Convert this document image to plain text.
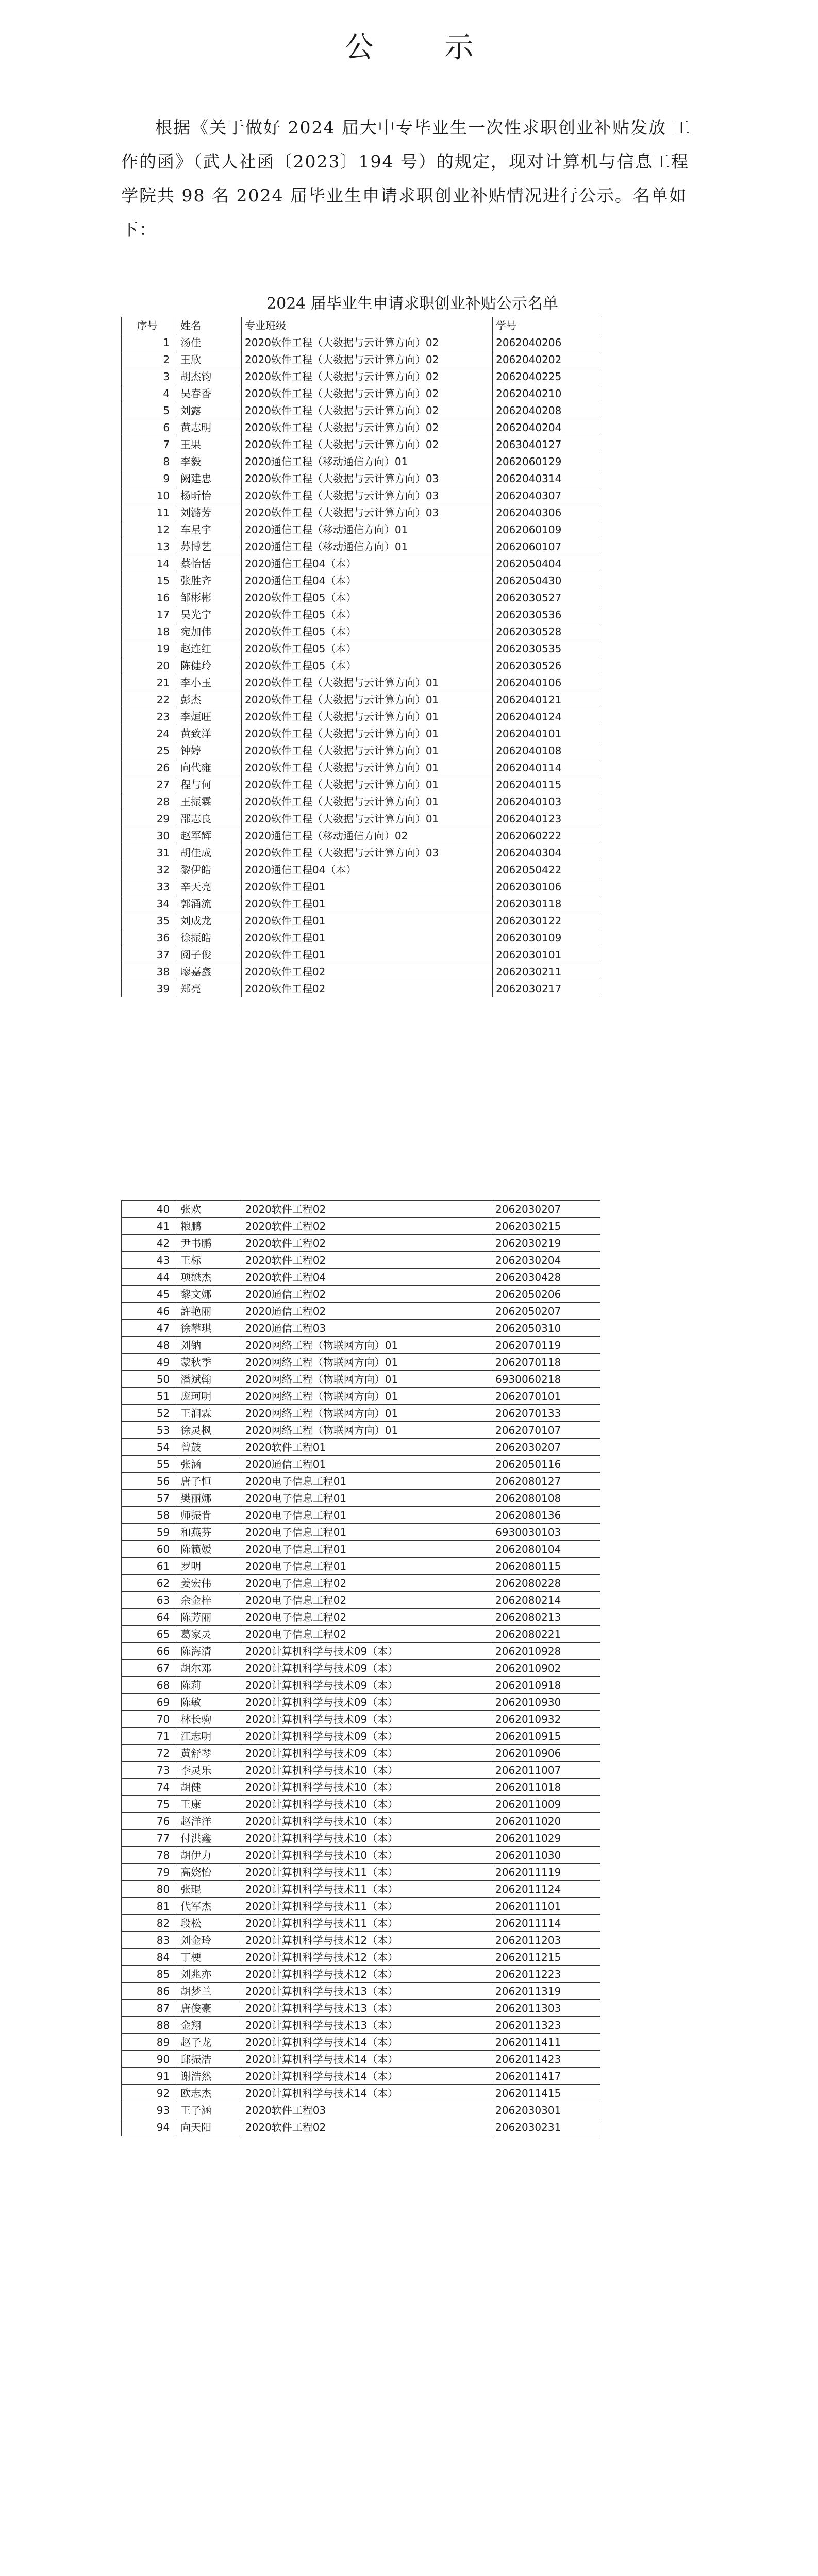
公 示
根据《关于做好 2024 届大中专毕业生一次性求职创业补贴发放 工作的函》（武人社函〔2023〕194 号）的规定，现对计算机与信息工程学院共 98 名 2024 届毕业生申请求职创业补贴情况进行公示。名单如下：
2024 届毕业生申请求职创业补贴公示名单
序号	姓名	专业班级	学号
1	汤佳	2020软件工程（大数据与云计算方向）02	2062040206
2	王欣	2020软件工程（大数据与云计算方向）02	2062040202
3	胡杰钧	2020软件工程（大数据与云计算方向）02	2062040225
4	吴春香	2020软件工程（大数据与云计算方向）02	2062040210
5	刘露	2020软件工程（大数据与云计算方向）02	2062040208
6	黄志明	2020软件工程（大数据与云计算方向）02	2062040204
7	王果	2020软件工程（大数据与云计算方向）02	2063040127
8	李毅	2020通信工程（移动通信方向）01	2062060129
9	阙建忠	2020软件工程（大数据与云计算方向）03	2062040314
10	杨昕怡	2020软件工程（大数据与云计算方向）03	2062040307
11	刘潞芳	2020软件工程（大数据与云计算方向）03	2062040306
12	车星宇	2020通信工程（移动通信方向）01	2062060109
13	苏博艺	2020通信工程（移动通信方向）01	2062060107
14	蔡怡恬	2020通信工程04（本）	2062050404
15	张胜齐	2020通信工程04（本）	2062050430
16	邹彬彬	2020软件工程05（本）	2062030527
17	吴光宁	2020软件工程05（本）	2062030536
18	宛加伟	2020软件工程05（本）	2062030528
19	赵连红	2020软件工程05（本）	2062030535
20	陈健玲	2020软件工程05（本）	2062030526
21	李小玉	2020软件工程（大数据与云计算方向）01	2062040106
22	彭杰	2020软件工程（大数据与云计算方向）01	2062040121
23	李烜旺	2020软件工程（大数据与云计算方向）01	2062040124
24	黄致洋	2020软件工程（大数据与云计算方向）01	2062040101
25	钟婷	2020软件工程（大数据与云计算方向）01	2062040108
26	向代雍	2020软件工程（大数据与云计算方向）01	2062040114
27	程与何	2020软件工程（大数据与云计算方向）01	2062040115
28	王振霖	2020软件工程（大数据与云计算方向）01	2062040103
29	邵志良	2020软件工程（大数据与云计算方向）01	2062040123
30	赵军辉	2020通信工程（移动通信方向）02	2062060222
31	胡佳成	2020软件工程（大数据与云计算方向）03	2062040304
32	黎伊皓	2020通信工程04（本）	2062050422
33	辛天亮	2020软件工程01	2062030106
34	郭涌流	2020软件工程01	2062030118
35	刘成龙	2020软件工程01	2062030122
36	徐振皓	2020软件工程01	2062030109
37	阅子俊	2020软件工程01	2062030101
38	廖嘉鑫	2020软件工程02	2062030211
39	郑亮	2020软件工程02	2062030217
40	张欢	2020软件工程02	2062030207
41	粮鹏	2020软件工程02	2062030215
42	尹书鹏	2020软件工程02	2062030219
43	王标	2020软件工程02	2062030204
44	项懋杰	2020软件工程04	2062030428
45	黎文娜	2020通信工程02	2062050206
46	許艳丽	2020通信工程02	2062050207
47	徐攀琪	2020通信工程03	2062050310
48	刘钠	2020网络工程（物联网方向）01	2062070119
49	蒙秋季	2020网络工程（物联网方向）01	2062070118
50	潘斌翰	2020网络工程（物联网方向）01	6930060218
51	庞珂明	2020网络工程（物联网方向）01	2062070101
52	王润霖	2020网络工程（物联网方向）01	2062070133
53	徐灵枫	2020网络工程（物联网方向）01	2062070107
54	曾鼓	2020软件工程01	2062030207
55	张涵	2020通信工程01	2062050116
56	唐子恒	2020电子信息工程01	2062080127
57	樊丽娜	2020电子信息工程01	2062080108
58	师振肯	2020电子信息工程01	2062080136
59	和燕芬	2020电子信息工程01	6930030103
60	陈籁媛	2020电子信息工程01	2062080104
61	罗明	2020电子信息工程01	2062080115
62	姜宏伟	2020电子信息工程02	2062080228
63	余金梓	2020电子信息工程02	2062080214
64	陈芳丽	2020电子信息工程02	2062080213
65	葛家灵	2020电子信息工程02	2062080221
66	陈海清	2020计算机科学与技术09（本）	2062010928
67	胡尔邓	2020计算机科学与技术09（本）	2062010902
68	陈莉	2020计算机科学与技术09（本）	2062010918
69	陈敏	2020计算机科学与技术09（本）	2062010930
70	林长驹	2020计算机科学与技术09（本）	2062010932
71	江志明	2020计算机科学与技术09（本）	2062010915
72	黄舒琴	2020计算机科学与技术09（本）	2062010906
73	李灵乐	2020计算机科学与技术10（本）	2062011007
74	胡健	2020计算机科学与技术10（本）	2062011018
75	王康	2020计算机科学与技术10（本）	2062011009
76	赵洋洋	2020计算机科学与技术10（本）	2062011020
77	付洪鑫	2020计算机科学与技术10（本）	2062011029
78	胡伊力	2020计算机科学与技术10（本）	2062011030
79	高娆怡	2020计算机科学与技术11（本）	2062011119
80	张琨	2020计算机科学与技术11（本）	2062011124
81	代军杰	2020计算机科学与技术11（本）	2062011101
82	段松	2020计算机科学与技术11（本）	2062011114
83	刘金玲	2020计算机科学与技术12（本）	2062011203
84	丁梗	2020计算机科学与技术12（本）	2062011215
85	刘兆亦	2020计算机科学与技术12（本）	2062011223
86	胡梦兰	2020计算机科学与技术13（本）	2062011319
87	唐俊豪	2020计算机科学与技术13（本）	2062011303
88	金翔	2020计算机科学与技术13（本）	2062011323
89	赵子龙	2020计算机科学与技术14（本）	2062011411
90	邱振浩	2020计算机科学与技术14（本）	2062011423
91	谢浩然	2020计算机科学与技术14（本）	2062011417
92	欧志杰	2020计算机科学与技术14（本）	2062011415
93	王子涵	2020软件工程03	2062030301
94	向天阳	2020软件工程02	2062030231
